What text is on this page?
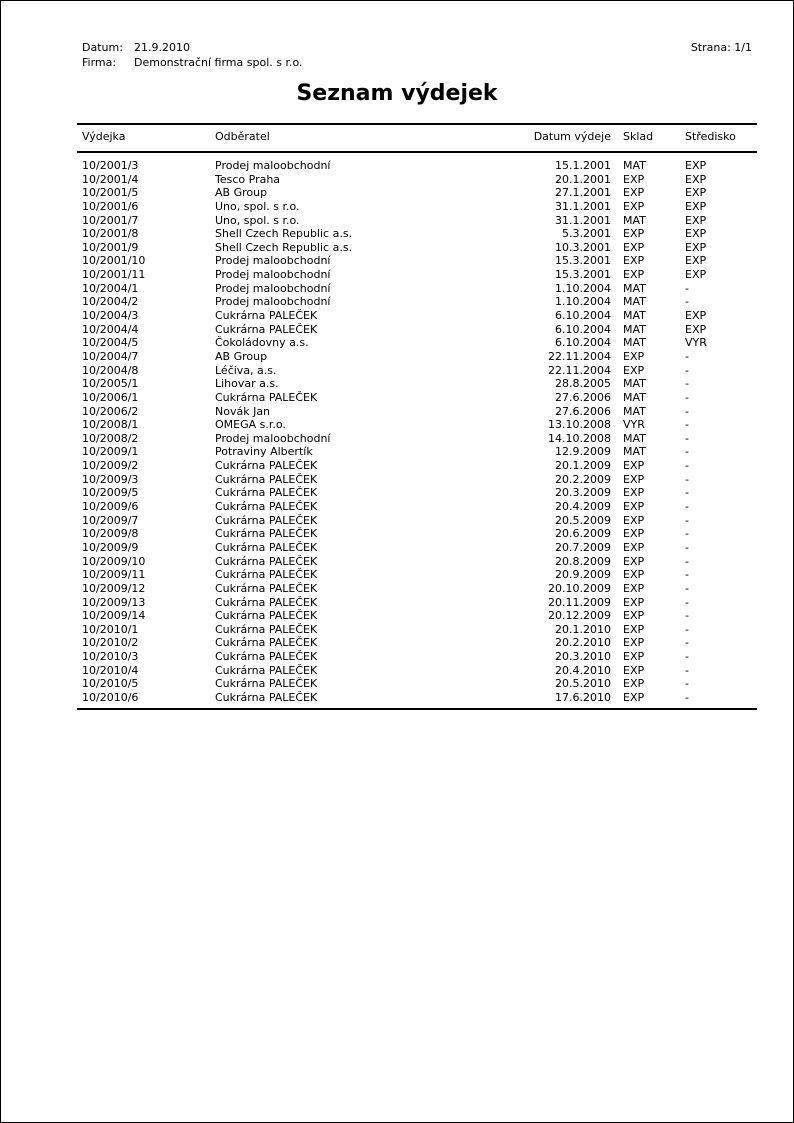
Datum: 21.9.2010
Firma: Demonstrační firma spol. s r.o.
Strana: 1/1
Seznam výdejek
Výdejka	Odběratel	Datum výdeje Sklad	Středisko
10/2001/3	Prodej maloobchodní	15.1.2001 MAT	EXP
10/2001/4	Tesco Praha	20.1.2001 EXP	EXP
10/2001/5	AB Group	27.1.2001 EXP	EXP
10/2001/6	Uno, spol. s r.o.	31.1.2001 EXP	EXP
10/2001/7	Uno, spol. s r.o.	31.1.2001 MAT	EXP
10/2001/8	Shell Czech Republic a.s.	5.3.2001 EXP	EXP
10/2001/9	Shell Czech Republic a.s.	10.3.2001 EXP	EXP
10/2001/10	Prodej maloobchodní	15.3.2001 EXP	EXP
10/2001/11	Prodej maloobchodní	15.3.2001 EXP	EXP
10/2004/1	Prodej maloobchodní	1.10.2004 MAT	-
10/2004/2	Prodej maloobchodní	1.10.2004 MAT	-
10/2004/3	Cukrárna PALEČEK	6.10.2004 MAT	EXP
10/2004/4	Cukrárna PALEČEK	6.10.2004 MAT	EXP
10/2004/5	Čokoládovny a.s.	6.10.2004 MAT	VYR
10/2004/7	AB Group	22.11.2004 EXP	-
10/2004/8	Léčiva, a.s.	22.11.2004 EXP	-
10/2005/1	Lihovar a.s.	28.8.2005 MAT	-
10/2006/1	Cukrárna PALEČEK	27.6.2006 MAT	-
10/2006/2	Novák Jan	27.6.2006 MAT	-
10/2008/1	OMEGA s.r.o.	13.10.2008 VYR	-
10/2008/2	Prodej maloobchodní	14.10.2008 MAT	-
10/2009/1	Potraviny Albertík	12.9.2009 MAT	-
10/2009/2	Cukrárna PALEČEK	20.1.2009 EXP	-
10/2009/3	Cukrárna PALEČEK	20.2.2009 EXP	-
10/2009/5	Cukrárna PALEČEK	20.3.2009 EXP	-
10/2009/6	Cukrárna PALEČEK	20.4.2009 EXP	-
10/2009/7	Cukrárna PALEČEK	20.5.2009 EXP	-
10/2009/8	Cukrárna PALEČEK	20.6.2009 EXP	-
10/2009/9	Cukrárna PALEČEK	20.7.2009 EXP	-
10/2009/10	Cukrárna PALEČEK	20.8.2009 EXP	-
10/2009/11	Cukrárna PALEČEK	20.9.2009 EXP	-
10/2009/12	Cukrárna PALEČEK	20.10.2009 EXP	-
10/2009/13	Cukrárna PALEČEK	20.11.2009 EXP	-
10/2009/14	Cukrárna PALEČEK	20.12.2009 EXP	-
10/2010/1	Cukrárna PALEČEK	20.1.2010 EXP	-
10/2010/2	Cukrárna PALEČEK	20.2.2010 EXP	-
10/2010/3	Cukrárna PALEČEK	20.3.2010 EXP	-
10/2010/4	Cukrárna PALEČEK	20.4.2010 EXP	-
10/2010/5	Cukrárna PALEČEK	20.5.2010 EXP	-
10/2010/6	Cukrárna PALEČEK	17.6.2010 EXP	-
